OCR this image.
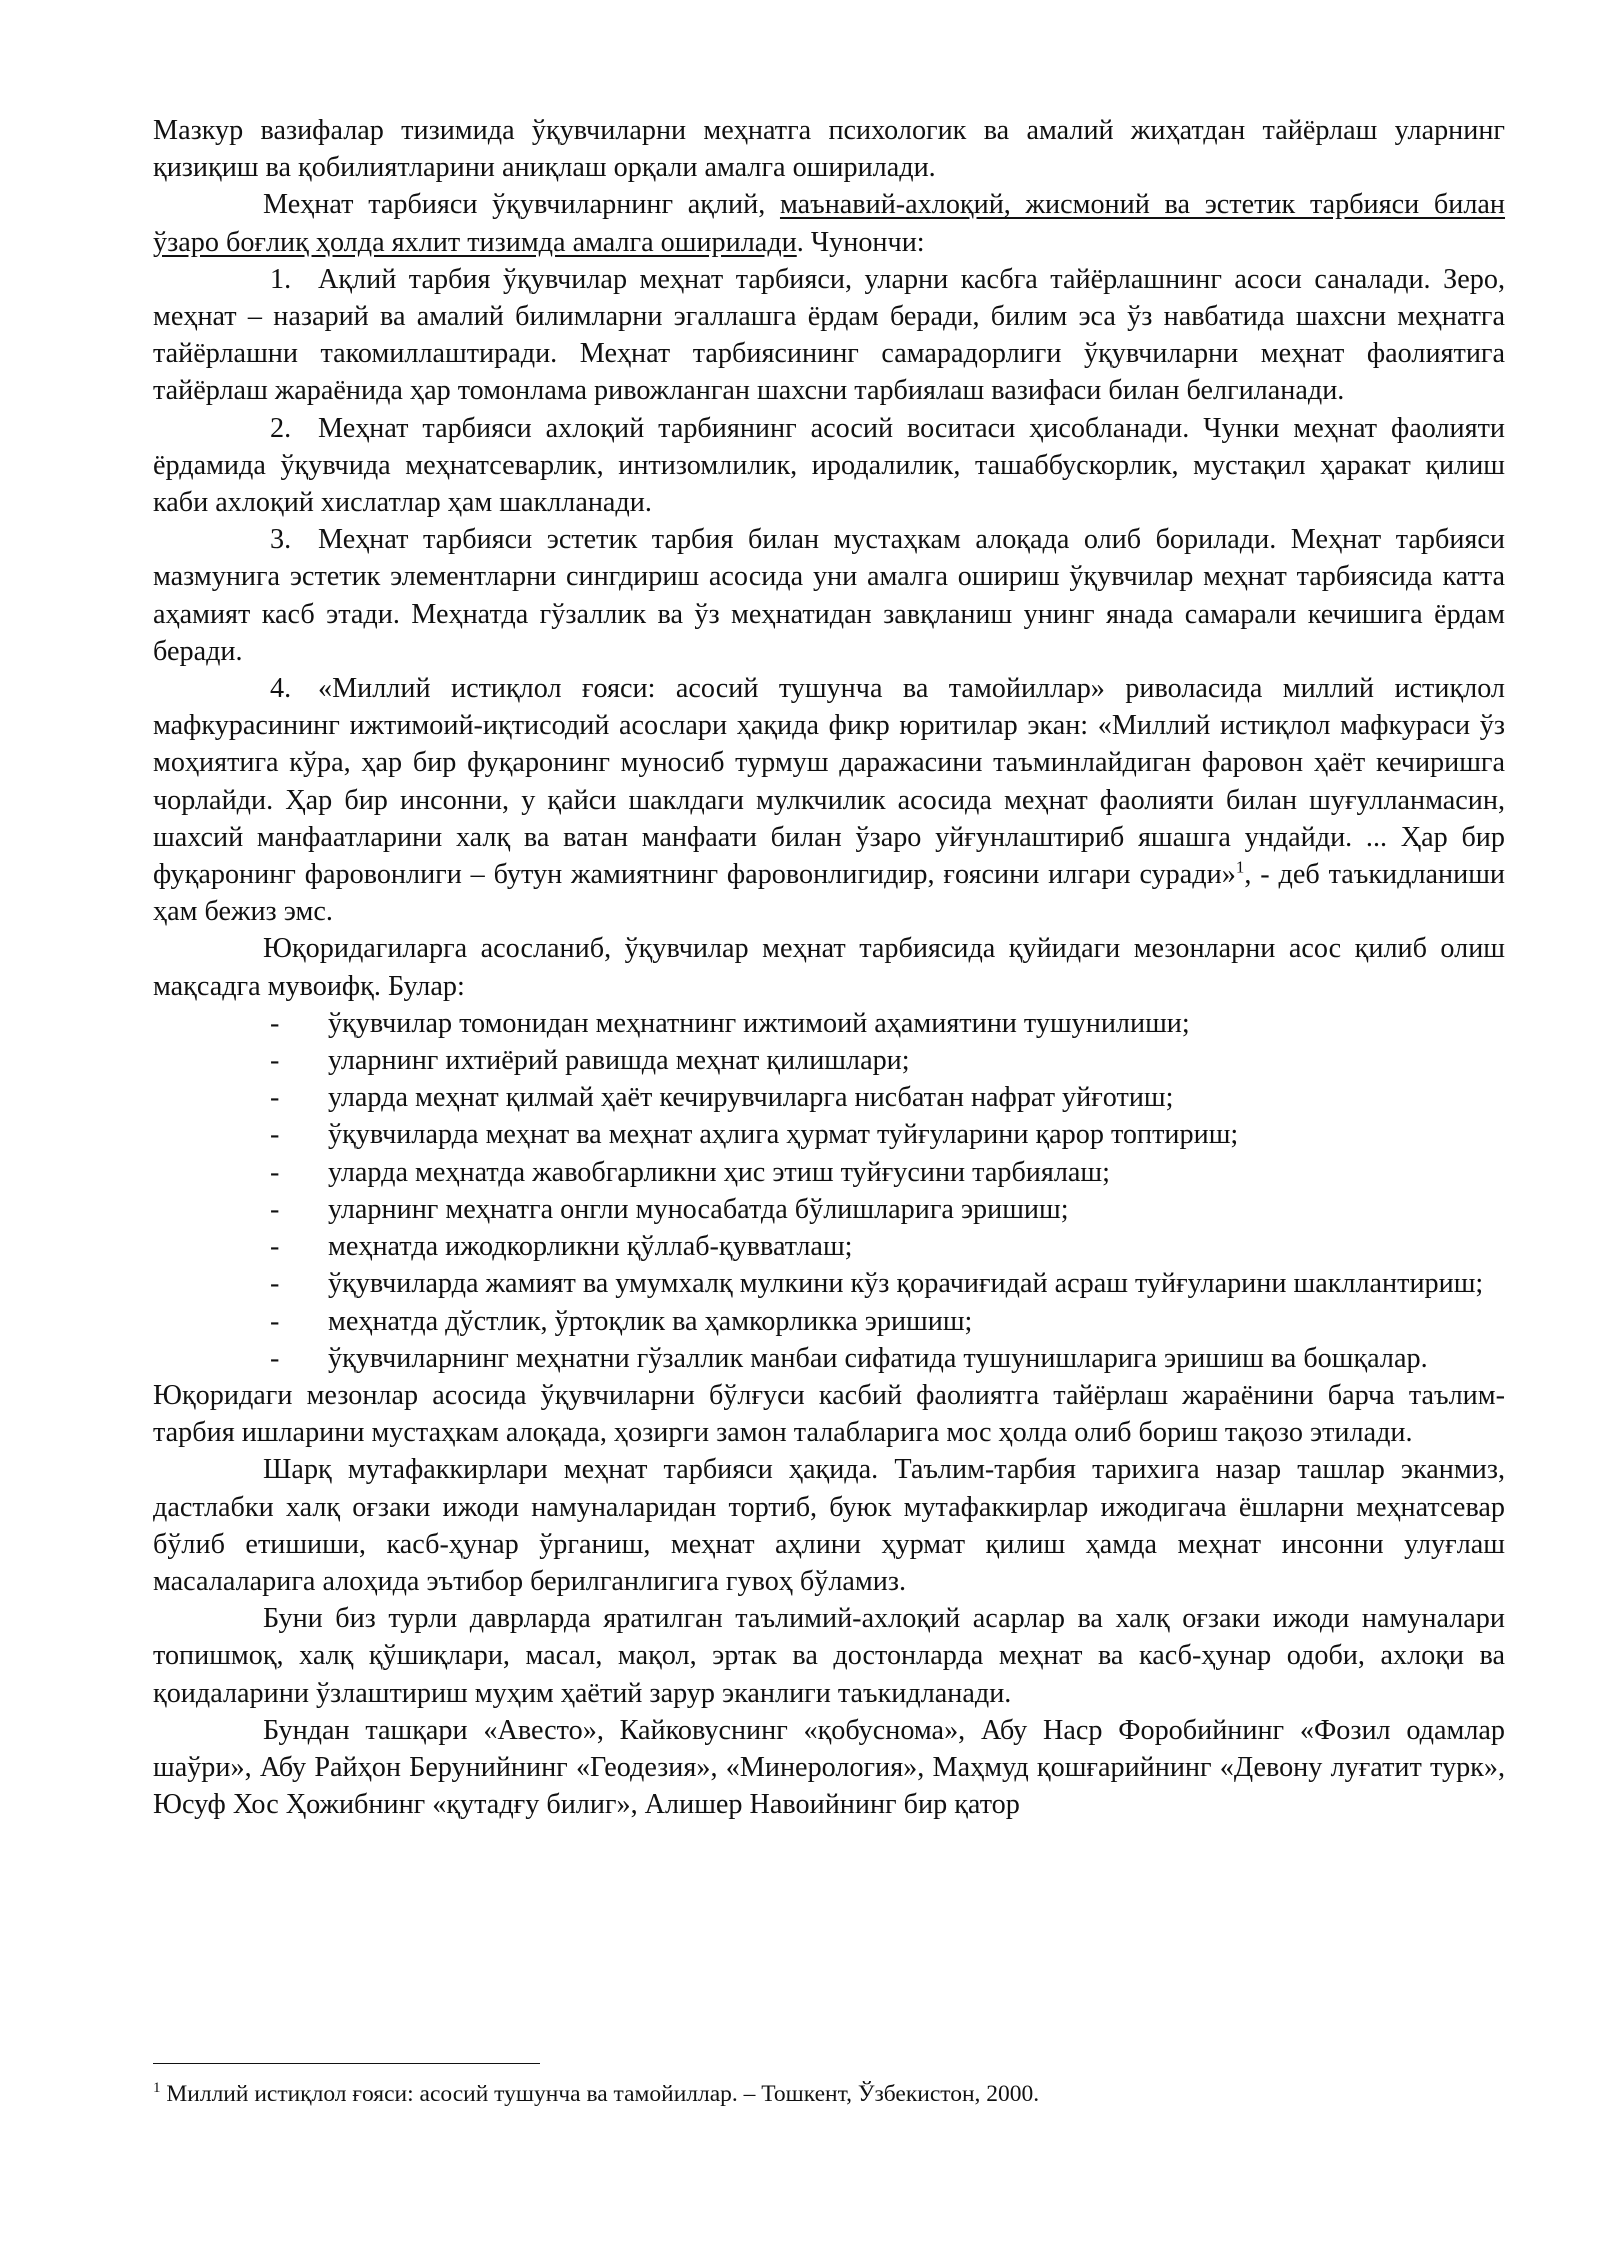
Мазкур вазифалар тизимида ўқувчиларни меҳнатга психологик ва амалий жиҳатдан тайёрлаш уларнинг қизиқиш ва қобилиятларини аниқлаш орқали амалга оширилади.

Меҳнат тарбияси ўқувчиларнинг ақлий, маънавий-ахлоқий, жисмоний ва эстетик тарбияси билан ўзаро боғлиқ ҳолда яхлит тизимда амалга оширилади. Чунончи:

1. Ақлий тарбия ўқувчилар меҳнат тарбияси, уларни касбга тайёрлашнинг асоси саналади. Зеро, меҳнат – назарий ва амалий билимларни эгаллашга ёрдам беради, билим эса ўз навбатида шахсни меҳнатга тайёрлашни такомиллаштиради. Меҳнат тарбиясининг самарадорлиги ўқувчиларни меҳнат фаолиятига тайёрлаш жараёнида ҳар томонлама ривожланган шахсни тарбиялаш вазифаси билан белгиланади.

2. Меҳнат тарбияси ахлоқий тарбиянинг асосий воситаси ҳисобланади. Чунки меҳнат фаолияти ёрдамида ўқувчида меҳнатсеварлик, интизомлилик, иродалилик, ташаббускорлик, мустақил ҳаракат қилиш каби ахлоқий хислатлар ҳам шаклланади.

3. Меҳнат тарбияси эстетик тарбия билан мустаҳкам алоқада олиб борилади. Меҳнат тарбияси мазмунига эстетик элементларни сингдириш асосида уни амалга ошириш ўқувчилар меҳнат тарбиясида катта аҳамият касб этади. Меҳнатда гўзаллик ва ўз меҳнатидан завқланиш унинг янада самарали кечишига ёрдам беради.

4. «Миллий истиқлол ғояси: асосий тушунча ва тамойиллар» риволасида миллий истиқлол мафкурасининг ижтимоий-иқтисодий асослари ҳақида фикр юритилар экан: «Миллий истиқлол мафкураси ўз моҳиятига кўра, ҳар бир фуқаронинг муносиб турмуш даражасини таъминлайдиган фаровон ҳаёт кечиришга чорлайди. Ҳар бир инсонни, у қайси шаклдаги мулкчилик асосида меҳнат фаолияти билан шуғулланмасин, шахсий манфаатларини халқ ва ватан манфаати билан ўзаро уйғунлаштириб яшашга ундайди. ... Ҳар бир фуқаронинг фаровонлиги – бутун жамиятнинг фаровонлигидир, ғоясини илгари суради»$^1$, - деб таъкидланиши ҳам бежиз эмс.

Юқоридагиларга асосланиб, ўқувчилар меҳнат тарбиясида қуйидаги мезонларни асос қилиб олиш мақсадга мувоифқ. Булар:

- ўқувчилар томонидан меҳнатнинг ижтимоий аҳамиятини тушунилиши;

- уларнинг ихтиёрий равишда меҳнат қилишлари;

- уларда меҳнат қилмай ҳаёт кечирувчиларга нисбатан нафрат уйғотиш;

- ўқувчиларда меҳнат ва меҳнат аҳлига ҳурмат туйғуларини қарор топтириш;

- уларда меҳнатда жавобгарликни ҳис этиш туйғусини тарбиялаш;

- уларнинг меҳнатга онгли муносабатда бўлишларига эришиш;

- меҳнатда ижодкорликни қўллаб-қувватлаш;

- ўқувчиларда жамият ва умумхалқ мулкини кўз қорачиғидай асраш туйғуларини шакллантириш;

- меҳнатда дўстлик, ўртоқлик ва ҳамкорликка эришиш;

- ўқувчиларнинг меҳнатни гўзаллик манбаи сифатида тушунишларига эришиш ва бошқалар.

Юқоридаги мезонлар асосида ўқувчиларни бўлғуси касбий фаолиятга тайёрлаш жараёнини барча таълим-тарбия ишларини мустаҳкам алоқада, ҳозирги замон талабларига мос ҳолда олиб бориш тақозо этилади.

Шарқ мутафаккирлари меҳнат тарбияси ҳақида. Таълим-тарбия тарихига назар ташлар эканмиз, дастлабки халқ оғзаки ижоди намуналаридан тортиб, буюк мутафаккирлар ижодигача ёшларни меҳнатсевар бўлиб етишиши, касб-ҳунар ўрганиш, меҳнат аҳлини ҳурмат қилиш ҳамда меҳнат инсонни улуғлаш масалаларига алоҳида эътибор берилганлигига гувоҳ бўламиз.

Буни биз турли даврларда яратилган таълимий-ахлоқий асарлар ва халқ оғзаки ижоди намуналари топишмоқ, халқ қўшиқлари, масал, мақол, эртак ва достонларда меҳнат ва касб-ҳунар одоби, ахлоқи ва қоидаларини ўзлаштириш муҳим ҳаётий зарур эканлиги таъкидланади.

Бундан ташқари «Авесто», Кайковуснинг «қобуснома», Абу Наср Форобийнинг «Фозил одамлар шаўри», Абу Райҳон Берунийнинг «Геодезия», «Минерология», Маҳмуд қошғарийнинг «Девону луғатит турк», Юсуф Хос Ҳожибнинг «қутадғу билиг», Алишер Навоийнинг бир қатор

$^1$ Миллий истиқлол ғояси: асосий тушунча ва тамойиллар. – Тошкент, Ўзбекистон, 2000.
